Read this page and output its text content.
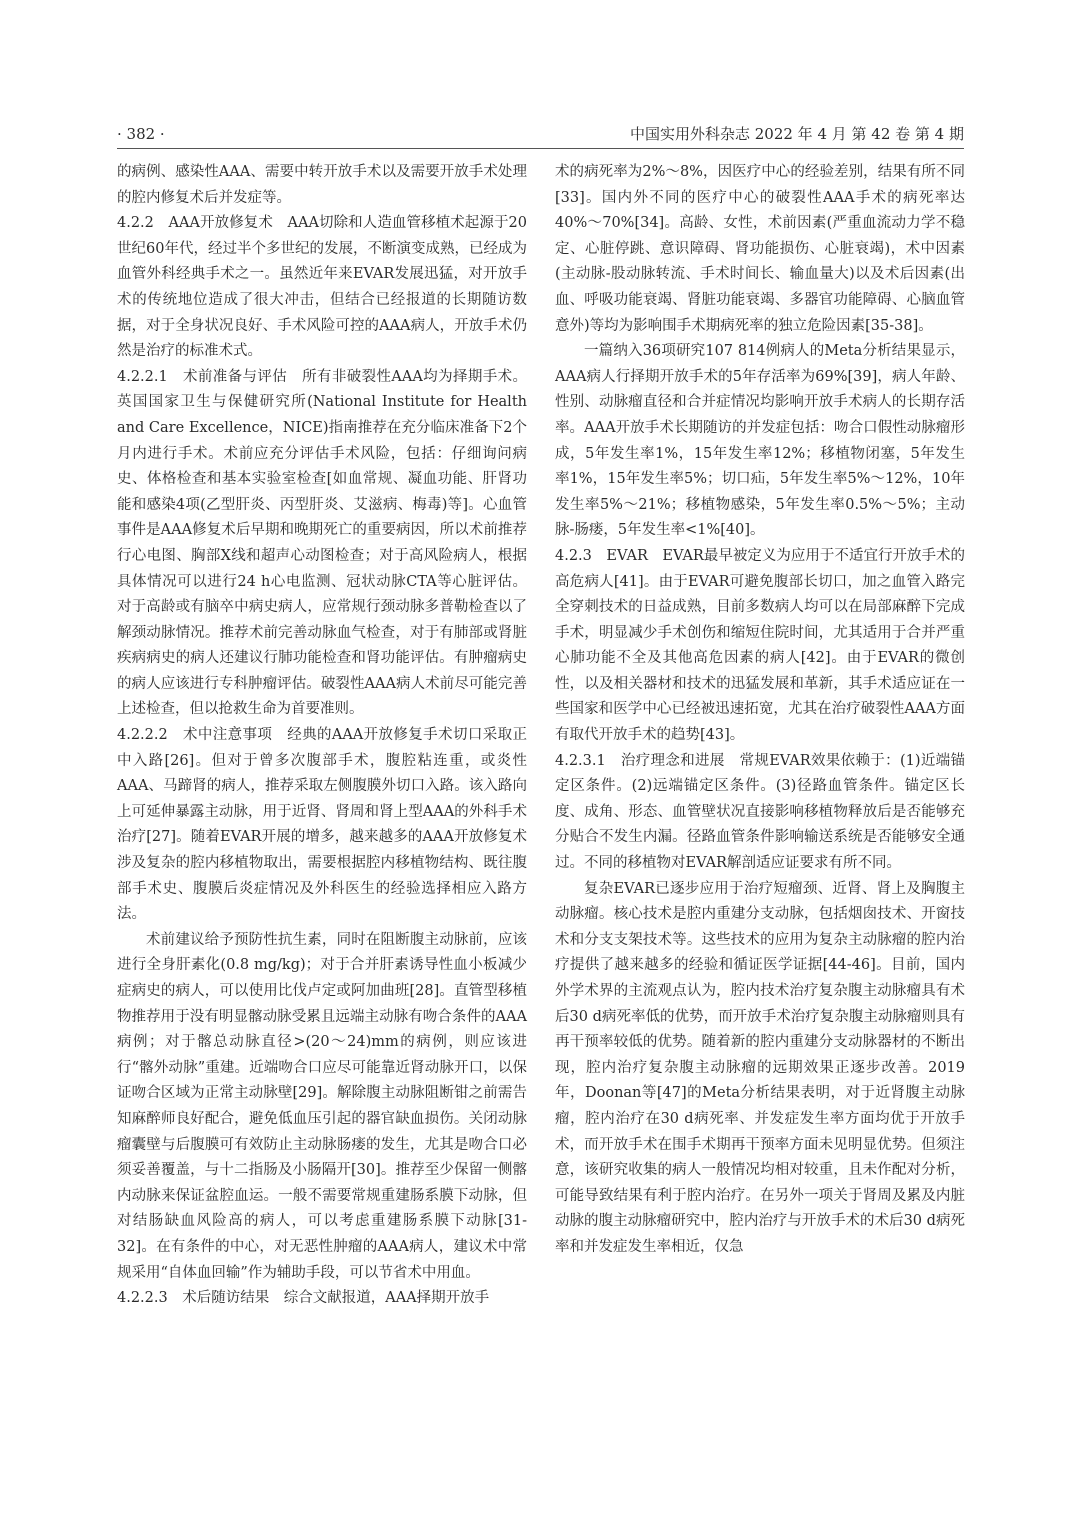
· 382 ·	中国实用外科杂志 2022 年 4 月 第 42 卷 第 4 期

的病例、感染性AAA、需要中转开放手术以及需要开放手术处理的腔内修复术后并发症等。

4.2.2　AAA开放修复术　AAA切除和人造血管移植术起源于20世纪60年代，经过半个多世纪的发展，不断演变成熟，已经成为血管外科经典手术之一。虽然近年来EVAR发展迅猛，对开放手术的传统地位造成了很大冲击，但结合已经报道的长期随访数据，对于全身状况良好、手术风险可控的AAA病人，开放手术仍然是治疗的标准术式。

4.2.2.1　术前准备与评估　所有非破裂性AAA均为择期手术。英国国家卫生与保健研究所(National Institute for Health and Care Excellence，NICE)指南推荐在充分临床准备下2个月内进行手术。术前应充分评估手术风险，包括：仔细询问病史、体格检查和基本实验室检查[如血常规、凝血功能、肝肾功能和感染4项(乙型肝炎、丙型肝炎、艾滋病、梅毒)等]。心血管事件是AAA修复术后早期和晚期死亡的重要病因，所以术前推荐行心电图、胸部X线和超声心动图检查；对于高风险病人，根据具体情况可以进行24 h心电监测、冠状动脉CTA等心脏评估。对于高龄或有脑卒中病史病人，应常规行颈动脉多普勒检查以了解颈动脉情况。推荐术前完善动脉血气检查，对于有肺部或肾脏疾病病史的病人还建议行肺功能检查和肾功能评估。有肿瘤病史的病人应该进行专科肿瘤评估。破裂性AAA病人术前尽可能完善上述检查，但以抢救生命为首要准则。

4.2.2.2　术中注意事项　经典的AAA开放修复手术切口采取正中入路[26]。但对于曾多次腹部手术，腹腔粘连重，或炎性AAA、马蹄肾的病人，推荐采取左侧腹膜外切口入路。该入路向上可延伸暴露主动脉，用于近肾、肾周和肾上型AAA的外科手术治疗[27]。随着EVAR开展的增多，越来越多的AAA开放修复术涉及复杂的腔内移植物取出，需要根据腔内移植物结构、既往腹部手术史、腹膜后炎症情况及外科医生的经验选择相应入路方法。

术前建议给予预防性抗生素，同时在阻断腹主动脉前，应该进行全身肝素化(0.8 mg/kg)；对于合并肝素诱导性血小板减少症病史的病人，可以使用比伐卢定或阿加曲班[28]。直管型移植物推荐用于没有明显髂动脉受累且远端主动脉有吻合条件的AAA病例；对于髂总动脉直径>(20～24)mm的病例，则应该进行“髂外动脉”重建。近端吻合口应尽可能靠近肾动脉开口，以保证吻合区域为正常主动脉壁[29]。解除腹主动脉阻断钳之前需告知麻醉师良好配合，避免低血压引起的器官缺血损伤。关闭动脉瘤囊壁与后腹膜可有效防止主动脉肠瘘的发生，尤其是吻合口必须妥善覆盖，与十二指肠及小肠隔开[30]。推荐至少保留一侧髂内动脉来保证盆腔血运。一般不需要常规重建肠系膜下动脉，但对结肠缺血风险高的病人，可以考虑重建肠系膜下动脉[31-32]。在有条件的中心，对无恶性肿瘤的AAA病人，建议术中常规采用“自体血回输”作为辅助手段，可以节省术中用血。

4.2.2.3　术后随访结果　综合文献报道，AAA择期开放手

术的病死率为2%～8%，因医疗中心的经验差别，结果有所不同[33]。国内外不同的医疗中心的破裂性AAA手术的病死率达40%～70%[34]。高龄、女性，术前因素(严重血流动力学不稳定、心脏停跳、意识障碍、肾功能损伤、心脏衰竭)，术中因素(主动脉-股动脉转流、手术时间长、输血量大)以及术后因素(出血、呼吸功能衰竭、肾脏功能衰竭、多器官功能障碍、心脑血管意外)等均为影响围手术期病死率的独立危险因素[35-38]。

一篇纳入36项研究107 814例病人的Meta分析结果显示，AAA病人行择期开放手术的5年存活率为69%[39]，病人年龄、性别、动脉瘤直径和合并症情况均影响开放手术病人的长期存活率。AAA开放手术长期随访的并发症包括：吻合口假性动脉瘤形成，5年发生率1%，15年发生率12%；移植物闭塞，5年发生率1%，15年发生率5%；切口疝，5年发生率5%～12%，10年发生率5%～21%；移植物感染，5年发生率0.5%～5%；主动脉-肠瘘，5年发生率<1%[40]。

4.2.3　EVAR　EVAR最早被定义为应用于不适宜行开放手术的高危病人[41]。由于EVAR可避免腹部长切口，加之血管入路完全穿刺技术的日益成熟，目前多数病人均可以在局部麻醉下完成手术，明显减少手术创伤和缩短住院时间，尤其适用于合并严重心肺功能不全及其他高危因素的病人[42]。由于EVAR的微创性，以及相关器材和技术的迅猛发展和革新，其手术适应证在一些国家和医学中心已经被迅速拓宽，尤其在治疗破裂性AAA方面有取代开放手术的趋势[43]。

4.2.3.1　治疗理念和进展　常规EVAR效果依赖于：(1)近端锚定区条件。(2)远端锚定区条件。(3)径路血管条件。锚定区长度、成角、形态、血管壁状况直接影响移植物释放后是否能够充分贴合不发生内漏。径路血管条件影响输送系统是否能够安全通过。不同的移植物对EVAR解剖适应证要求有所不同。

复杂EVAR已逐步应用于治疗短瘤颈、近肾、肾上及胸腹主动脉瘤。核心技术是腔内重建分支动脉，包括烟囱技术、开窗技术和分支支架技术等。这些技术的应用为复杂主动脉瘤的腔内治疗提供了越来越多的经验和循证医学证据[44-46]。目前，国内外学术界的主流观点认为，腔内技术治疗复杂腹主动脉瘤具有术后30 d病死率低的优势，而开放手术治疗复杂腹主动脉瘤则具有再干预率较低的优势。随着新的腔内重建分支动脉器材的不断出现，腔内治疗复杂腹主动脉瘤的远期效果正逐步改善。2019年，Doonan等[47]的Meta分析结果表明，对于近肾腹主动脉瘤，腔内治疗在30 d病死率、并发症发生率方面均优于开放手术，而开放手术在围手术期再干预率方面未见明显优势。但须注意，该研究收集的病人一般情况均相对较重，且未作配对分析，可能导致结果有利于腔内治疗。在另外一项关于肾周及累及内脏动脉的腹主动脉瘤研究中，腔内治疗与开放手术的术后30 d病死率和并发症发生率相近，仅急
